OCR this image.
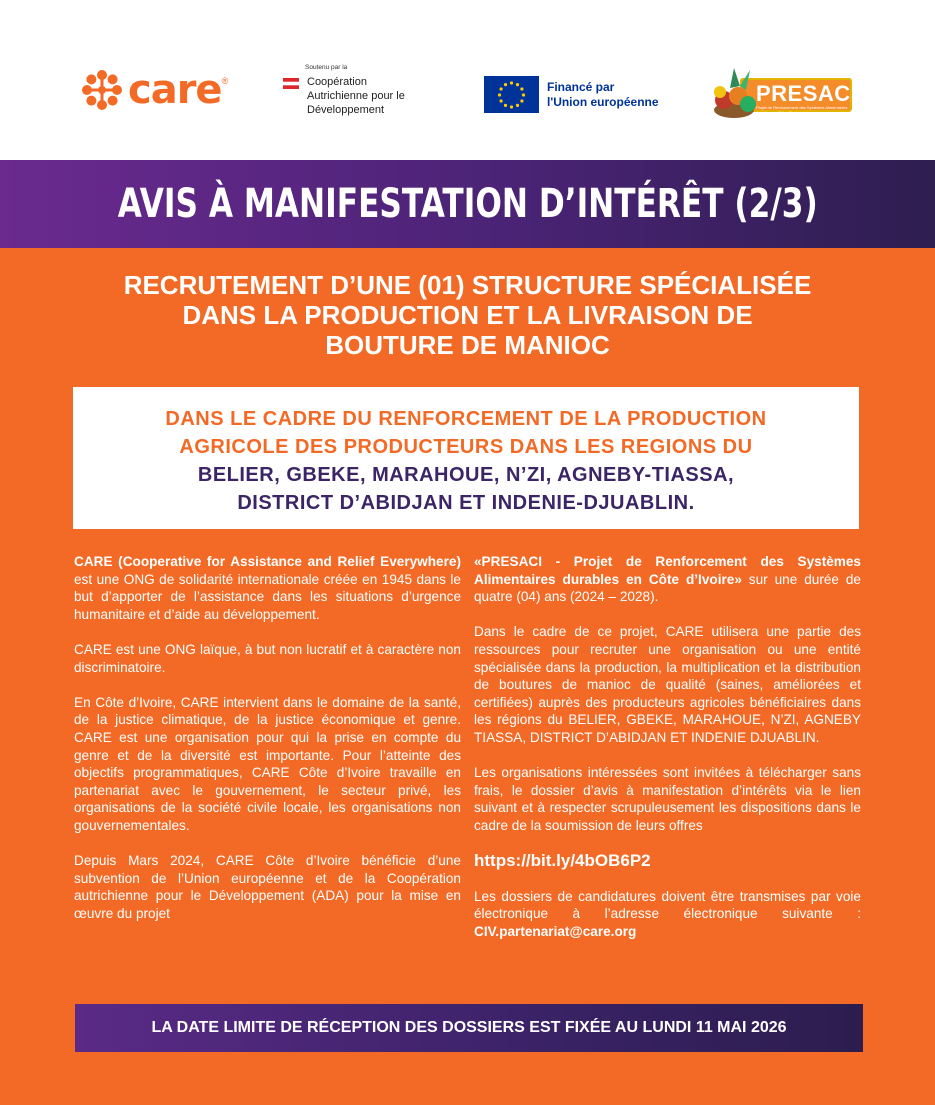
care ®
Soutenu par la
Coopération Autrichienne pour le Développement
Financé par
l'Union européenne	PRESACI
Projet de Renforcement des Systèmes Alimentaires durables en Côte d'Ivoire
AVIS À MANIFESTATION D’INTÉRÊT (2/3)
RECRUTEMENT D’UNE (01) STRUCTURE SPÉCIALISÉE
DANS LA PRODUCTION ET LA LIVRAISON DE
BOUTURE DE MANIOC
DANS LE CADRE DU RENFORCEMENT DE LA PRODUCTION
AGRICOLE DES PRODUCTEURS DANS LES REGIONS DU
BELIER, GBEKE, MARAHOUE, N’ZI, AGNEBY-TIASSA,
DISTRICT D’ABIDJAN ET INDENIE-DJUABLIN.

CARE (Cooperative for Assistance and Relief Everywhere) est une ONG de solidarité internationale créée en 1945 dans le but d’apporter de l’assistance dans les situations d’urgence humanitaire et d’aide au développement.

CARE est une ONG laïque, à but non lucratif et à caractère non discriminatoire.

En Côte d’Ivoire, CARE intervient dans le domaine de la santé, de la justice climatique, de la justice économique et genre. CARE est une organisation pour qui la prise en compte du genre et de la diversité est importante. Pour l’atteinte des objectifs programmatiques, CARE Côte d’Ivoire travaille en partenariat avec le gouvernement, le secteur privé, les organisations de la société civile locale, les organisations non gouvernementales.

Depuis Mars 2024, CARE Côte d’Ivoire bénéficie d’une subvention de l’Union européenne et de la Coopération autrichienne pour le Développement (ADA) pour la mise en œuvre du projet

«PRESACI - Projet de Renforcement des Systèmes Alimentaires durables en Côte d’Ivoire» sur une durée de quatre (04) ans (2024 – 2028).

Dans le cadre de ce projet, CARE utilisera une partie des ressources pour recruter une organisation ou une entité spécialisée dans la production, la multiplication et la distribution de boutures de manioc de qualité (saines, améliorées et certifiées) auprès des producteurs agricoles bénéficiaires dans les régions du BELIER, GBEKE, MARAHOUE, N’ZI, AGNEBY TIASSA, DISTRICT D’ABIDJAN ET INDENIE DJUABLIN.

Les organisations intéressées sont invitées à télécharger sans frais, le dossier d’avis à manifestation d’intérêts via le lien suivant et à respecter scrupuleusement les dispositions dans le cadre de la soumission de leurs offres

https://bit.ly/4bOB6P2

Les dossiers de candidatures doivent être transmises par voie électronique à l’adresse électronique suivante : CIV.partenariat@care.org

LA DATE LIMITE DE RÉCEPTION DES DOSSIERS EST FIXÉE AU
LUNDI 11 MAI 2026
